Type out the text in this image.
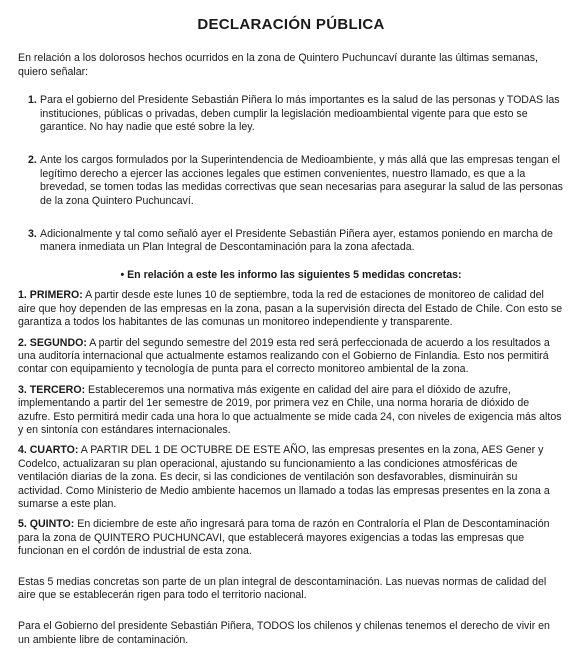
DECLARACIÓN PÚBLICA

En relación a los dolorosos hechos ocurridos en la zona de Quintero Puchuncaví durante las últimas semanas, quiero señalar:

1. Para el gobierno del Presidente Sebastián Piñera lo más importantes es la salud de las personas y TODAS las instituciones, públicas o privadas, deben cumplir la legislación medioambiental vigente para que esto se garantice. No hay nadie que esté sobre la ley.
2. Ante los cargos formulados por la Superintendencia de Medioambiente, y más allá que las empresas tengan el legítimo derecho a ejercer las acciones legales que estimen convenientes, nuestro llamado, es que a la brevedad, se tomen todas las medidas correctivas que sean necesarias para asegurar la salud de las personas de la zona Quintero Puchuncaví.
3. Adicionalmente y tal como señaló ayer el Presidente Sebastián Piñera ayer, estamos poniendo en marcha de manera inmediata un Plan Integral de Descontaminación para la zona afectada.
• En relación a este les informo las siguientes 5 medidas concretas:

1. PRIMERO: A partir desde este lunes 10 de septiembre, toda la red de estaciones de monitoreo de calidad del aire que hoy dependen de las empresas en la zona, pasan a la supervisión directa del Estado de Chile. Con esto se garantiza a todos los habitantes de las comunas un monitoreo independiente y transparente.

2. SEGUNDO: A partir del segundo semestre del 2019 esta red será perfeccionada de acuerdo a los resultados a una auditoría internacional que actualmente estamos realizando con el Gobierno de Finlandia. Esto nos permitirá contar con equipamiento y tecnología de punta para el correcto monitoreo ambiental de la zona.

3. TERCERO: Estableceremos una normativa más exigente en calidad del aire para el dióxido de azufre, implementando a partir del 1er semestre de 2019, por primera vez en Chile, una norma horaria de dióxido de azufre. Esto permitirá medir cada una hora lo que actualmente se mide cada 24, con niveles de exigencia más altos y en sintonía con estándares internacionales.

4. CUARTO: A PARTIR DEL 1 DE OCTUBRE DE ESTE AÑO, las empresas presentes en la zona, AES Gener y Codelco, actualizaran su plan operacional, ajustando su funcionamiento a las condiciones atmosféricas de ventilación diarias de la zona. Es decir, si las condiciones de ventilación son desfavorables, disminuirán su actividad. Como Ministerio de Medio ambiente hacemos un llamado a todas las empresas presentes en la zona a sumarse a este plan.

5. QUINTO: En diciembre de este año ingresará para toma de razón en Contraloría el Plan de Descontaminación para la zona de QUINTERO PUCHUNCAVI, que establecerá mayores exigencias a todas las empresas que funcionan en el cordón de industrial de esta zona.

Estas 5 medias concretas son parte de un plan integral de descontaminación. Las nuevas normas de calidad del aire que se establecerán rigen para todo el territorio nacional.

Para el Gobierno del presidente Sebastián Piñera, TODOS los chilenos y chilenas tenemos el derecho de vivir en un ambiente libre de contaminación.
